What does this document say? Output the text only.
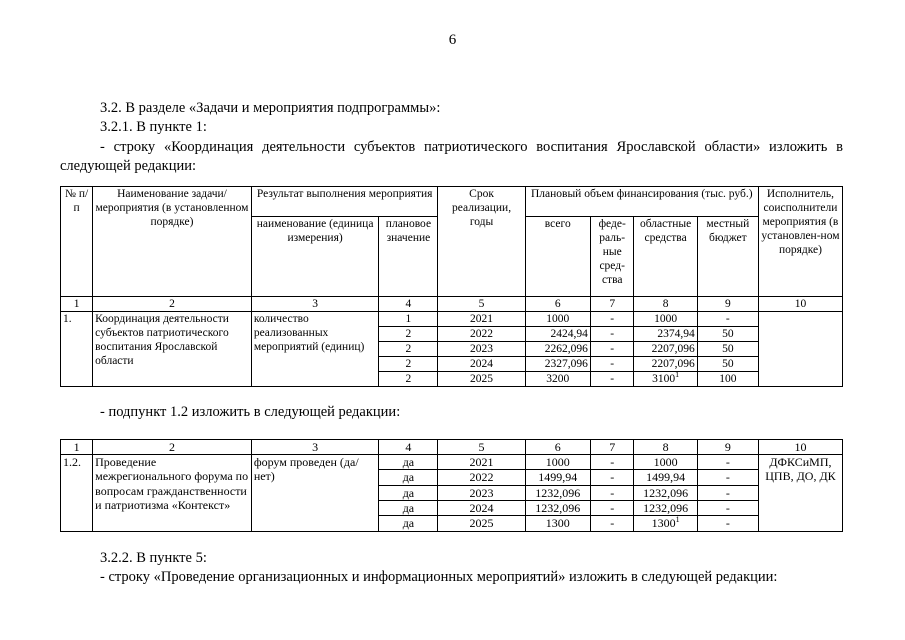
6
3.2. В разделе «Задачи и мероприятия подпрограммы»:
3.2.1. В пункте 1:
- строку «Координация деятельности субъектов патриотического воспитания Ярославской области» изложить в следующей редакции:
№ п/п	Наименование задачи/мероприятия (в установленном порядке)	Результат выполнения мероприятия		Срок реализации, годы	Плановый объем финансирования (тыс. руб.)				Исполнитель, соисполнители мероприятия (в установлен-ном порядке)
		наименование (единица измерения)	плановое значение		всего	феде-раль-ные сред-ства	областные средства	местный бюджет	
1	2	3	4	5	6	7	8	9	10
1.	Координация деятельности субъектов патриотического воспитания Ярославской области	количество реализованных мероприятий (единиц)	1	2021	1000	-	1000	-	
			2	2022	2424,94	-	2374,94	50	
			2	2023	2262,096	-	2207,096	50	
			2	2024	2327,096	-	2207,096	50	
			2	2025	3200	-	3100$^1$	100	
- подпункт 1.2 изложить в следующей редакции:
1	2	3	4	5	6	7	8	9	10
1.2.	Проведение межрегионального форума по вопросам гражданственности и патриотизма «Контекст»	форум проведен (да/нет)	да	2021	1000	-	1000	-	ДФКСиМП, ЦПВ, ДО, ДК
			да	2022	1499,94	-	1499,94	-	
			да	2023	1232,096	-	1232,096	-	
			да	2024	1232,096	-	1232,096	-	
			да	2025	1300	-	1300$^1$	-	
3.2.2. В пункте 5:
- строку «Проведение организационных и информационных мероприятий» изложить в следующей редакции:
